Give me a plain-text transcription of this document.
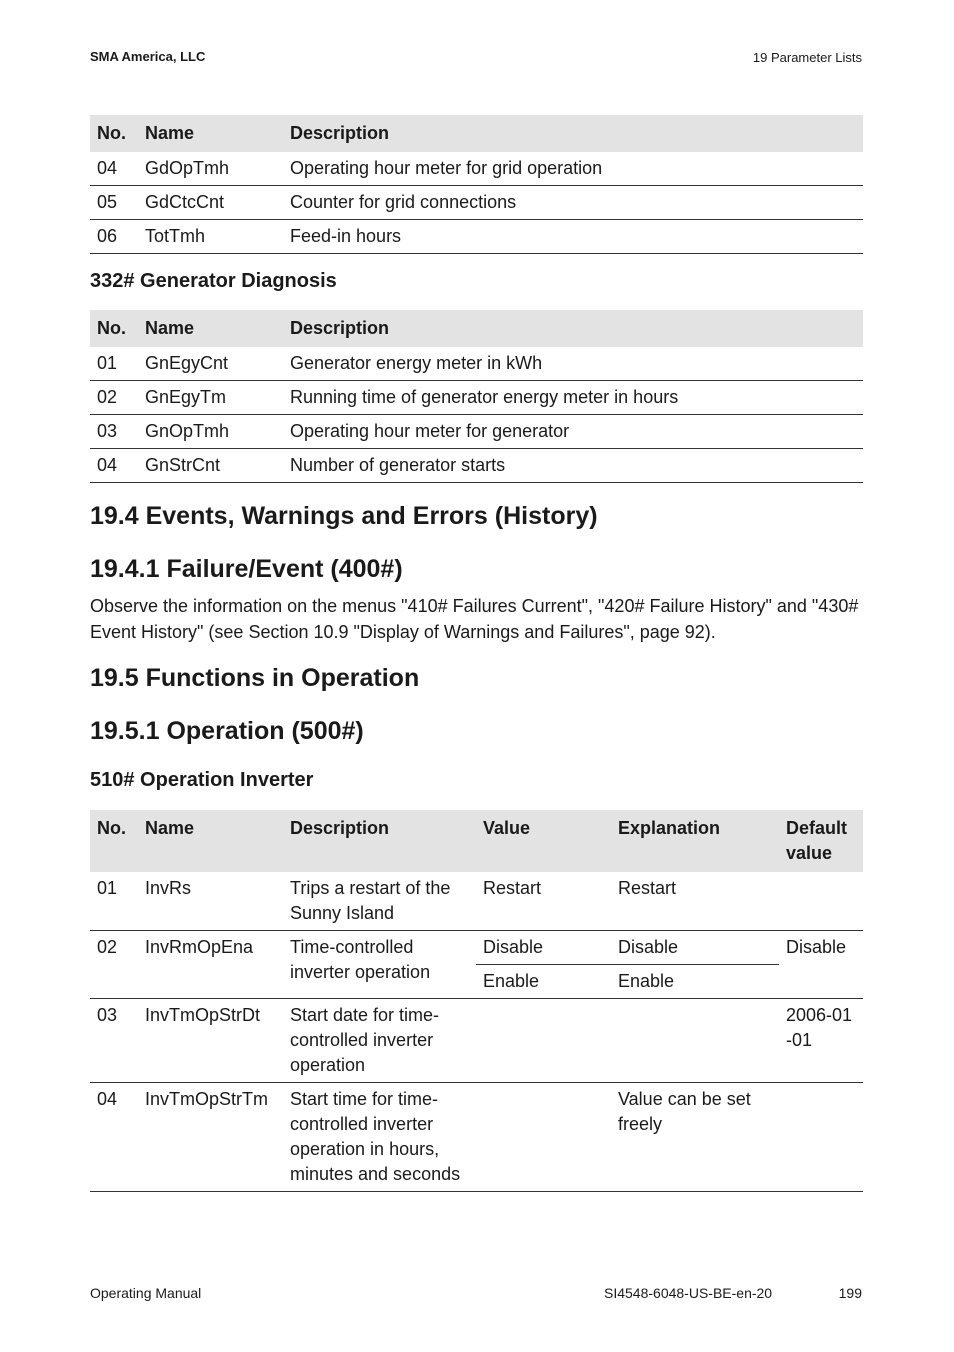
SMA America, LLC	19 Parameter Lists
No.	Name	Description
04	GdOpTmh	Operating hour meter for grid operation
05	GdCtcCnt	Counter for grid connections
06	TotTmh	Feed-in hours
332# Generator Diagnosis
No.	Name	Description
01	GnEgyCnt	Generator energy meter in kWh
02	GnEgyTm	Running time of generator energy meter in hours
03	GnOpTmh	Operating hour meter for generator
04	GnStrCnt	Number of generator starts
19.4 Events, Warnings and Errors (History)
19.4.1 Failure/Event (400#)
Observe the information on the menus "410# Failures Current", "420# Failure History" and "430# Event History" (see Section 10.9 "Display of Warnings and Failures", page 92).
19.5 Functions in Operation
19.5.1 Operation (500#)
510# Operation Inverter
No.	Name	Description	Value	Explanation	Default value
01	InvRs	Trips a restart of the Sunny Island	Restart	Restart	
02	InvRmOpEna	Time-controlled inverter operation	Disable	Disable	Disable
			Enable	Enable	
03	InvTmOpStrDt	Start date for time-controlled inverter operation			2006-01-01
04	InvTmOpStrTm	Start time for time-controlled inverter operation in hours, minutes and seconds		Value can be set freely	
Operating Manual	SI4548-6048-US-BE-en-20	199
